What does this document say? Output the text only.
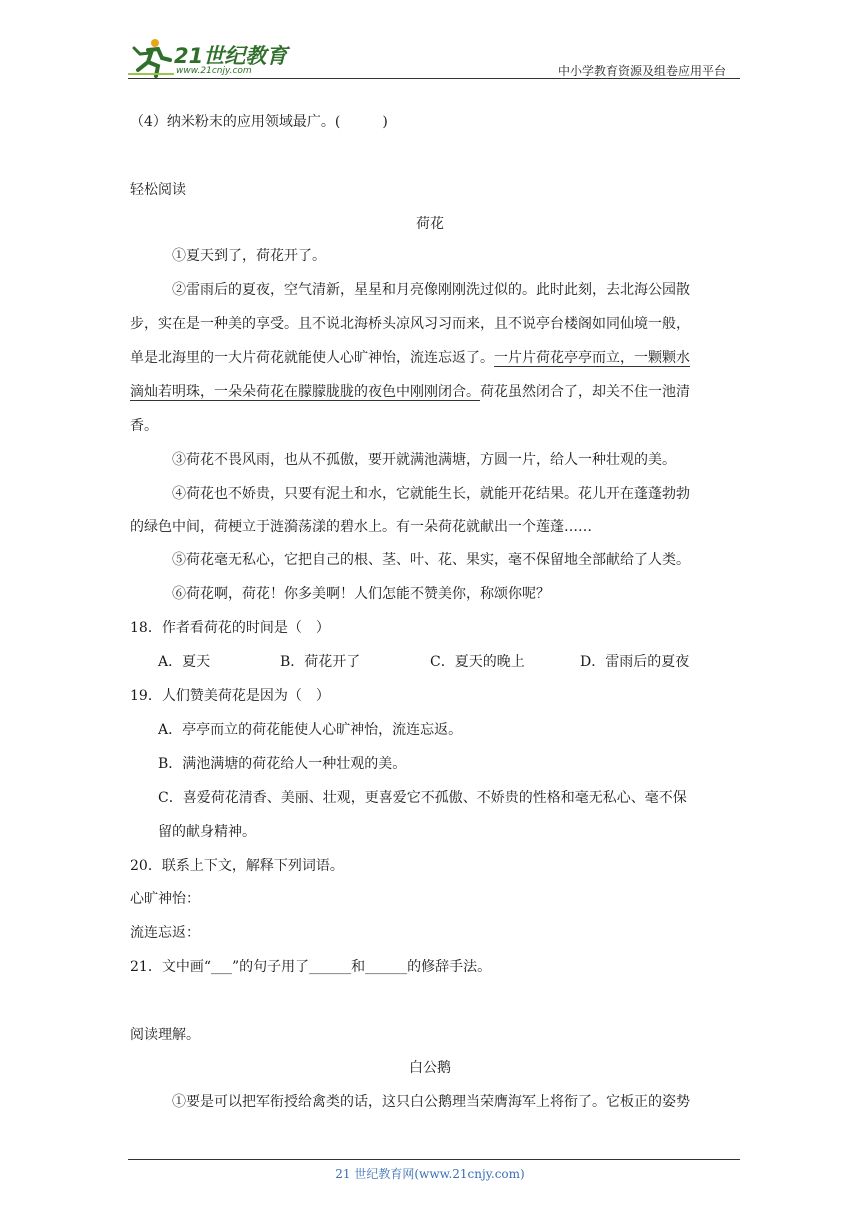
21世纪教育
www.21cnjy.com	中小学教育资源及组卷应用平台
（4）纳米粉末的应用领域最广。(　　　)
轻松阅读
荷花
①夏天到了，荷花开了。
②雷雨后的夏夜，空气清新，星星和月亮像刚刚洗过似的。此时此刻，去北海公园散
步，实在是一种美的享受。且不说北海桥头凉风习习而来，且不说亭台楼阁如同仙境一般，
单是北海里的一大片荷花就能使人心旷神怡，流连忘返了。一片片荷花亭亭而立，一颗颗水
滴灿若明珠，一朵朵荷花在朦朦胧胧的夜色中刚刚闭合。荷花虽然闭合了，却关不住一池清
香。
③荷花不畏风雨，也从不孤傲，要开就满池满塘，方圆一片，给人一种壮观的美。
④荷花也不娇贵，只要有泥土和水，它就能生长，就能开花结果。花儿开在蓬蓬勃勃
的绿色中间，荷梗立于涟漪荡漾的碧水上。有一朵荷花就献出一个莲蓬……
⑤荷花毫无私心，它把自己的根、茎、叶、花、果实，毫不保留地全部献给了人类。
⑥荷花啊，荷花！你多美啊！人们怎能不赞美你，称颂你呢？
18．作者看荷花的时间是（　）
A．夏天	B．荷花开了	C．夏天的晚上	D．雷雨后的夏夜
19．人们赞美荷花是因为（　）
A．亭亭而立的荷花能使人心旷神怡，流连忘返。
B．满池满塘的荷花给人一种壮观的美。
C．喜爱荷花清香、美丽、壮观，更喜爱它不孤傲、不娇贵的性格和毫无私心、毫不保
留的献身精神。
20．联系上下文，解释下列词语。
心旷神怡：
流连忘返：
21．文中画“___”的句子用了______和______的修辞手法。
阅读理解。
白公鹅
①要是可以把军衔授给禽类的话，这只白公鹅理当荣膺海军上将衔了。它板正的姿势
21 世纪教育网(www.21cnjy.com)
